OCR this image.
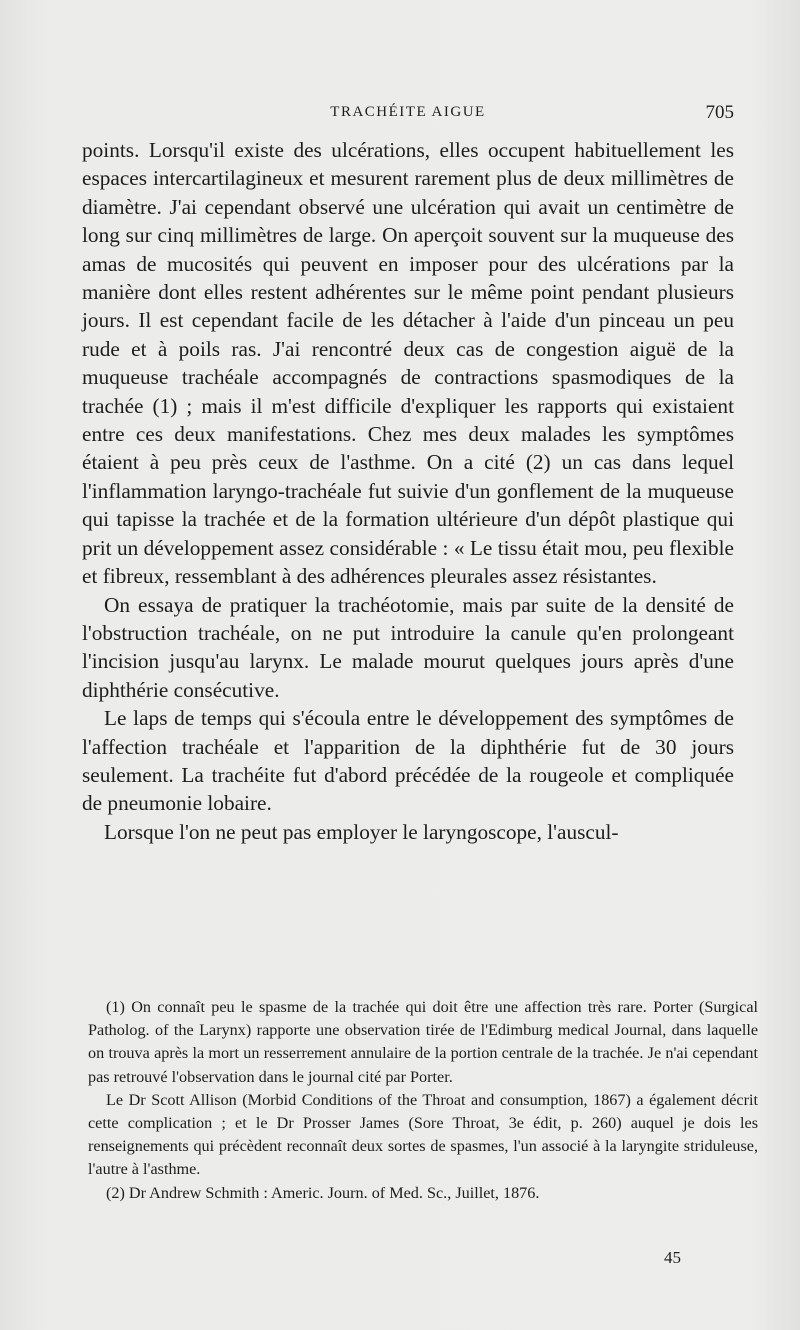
TRACHÉITE AIGUE	705

points. Lorsqu'il existe des ulcérations, elles occupent habituellement les espaces intercartilagineux et mesurent rarement plus de deux millimètres de diamètre. J'ai cependant observé une ulcération qui avait un centimètre de long sur cinq millimètres de large. On aperçoit souvent sur la muqueuse des amas de mucosités qui peuvent en imposer pour des ulcérations par la manière dont elles restent adhérentes sur le même point pendant plusieurs jours. Il est cependant facile de les détacher à l'aide d'un pinceau un peu rude et à poils ras. J'ai rencontré deux cas de congestion aiguë de la muqueuse trachéale accompagnés de contractions spasmodiques de la trachée (1) ; mais il m'est difficile d'expliquer les rapports qui existaient entre ces deux manifestations. Chez mes deux malades les symptômes étaient à peu près ceux de l'asthme. On a cité (2) un cas dans lequel l'inflammation laryngo-trachéale fut suivie d'un gonflement de la muqueuse qui tapisse la trachée et de la formation ultérieure d'un dépôt plastique qui prit un développement assez considérable : « Le tissu était mou, peu flexible et fibreux, ressemblant à des adhérences pleurales assez résistantes.

On essaya de pratiquer la trachéotomie, mais par suite de la densité de l'obstruction trachéale, on ne put introduire la canule qu'en prolongeant l'incision jusqu'au larynx. Le malade mourut quelques jours après d'une diphthérie consécutive.

Le laps de temps qui s'écoula entre le développement des symptômes de l'affection trachéale et l'apparition de la diphthérie fut de 30 jours seulement. La trachéite fut d'abord précédée de la rougeole et compliquée de pneumonie lobaire.

Lorsque l'on ne peut pas employer le laryngoscope, l'auscul-

(1) On connaît peu le spasme de la trachée qui doit être une affection très rare. Porter (Surgical Patholog. of the Larynx) rapporte une observation tirée de l'Edimburg medical Journal, dans laquelle on trouva après la mort un resserrement annulaire de la portion centrale de la trachée. Je n'ai cependant pas retrouvé l'observation dans le journal cité par Porter.

Le Dr Scott Allison (Morbid Conditions of the Throat and consumption, 1867) a également décrit cette complication ; et le Dr Prosser James (Sore Throat, 3e édit, p. 260) auquel je dois les renseignements qui précèdent reconnaît deux sortes de spasmes, l'un associé à la laryngite striduleuse, l'autre à l'asthme.

(2) Dr Andrew Schmith : Americ. Journ. of Med. Sc., Juillet, 1876.

45
